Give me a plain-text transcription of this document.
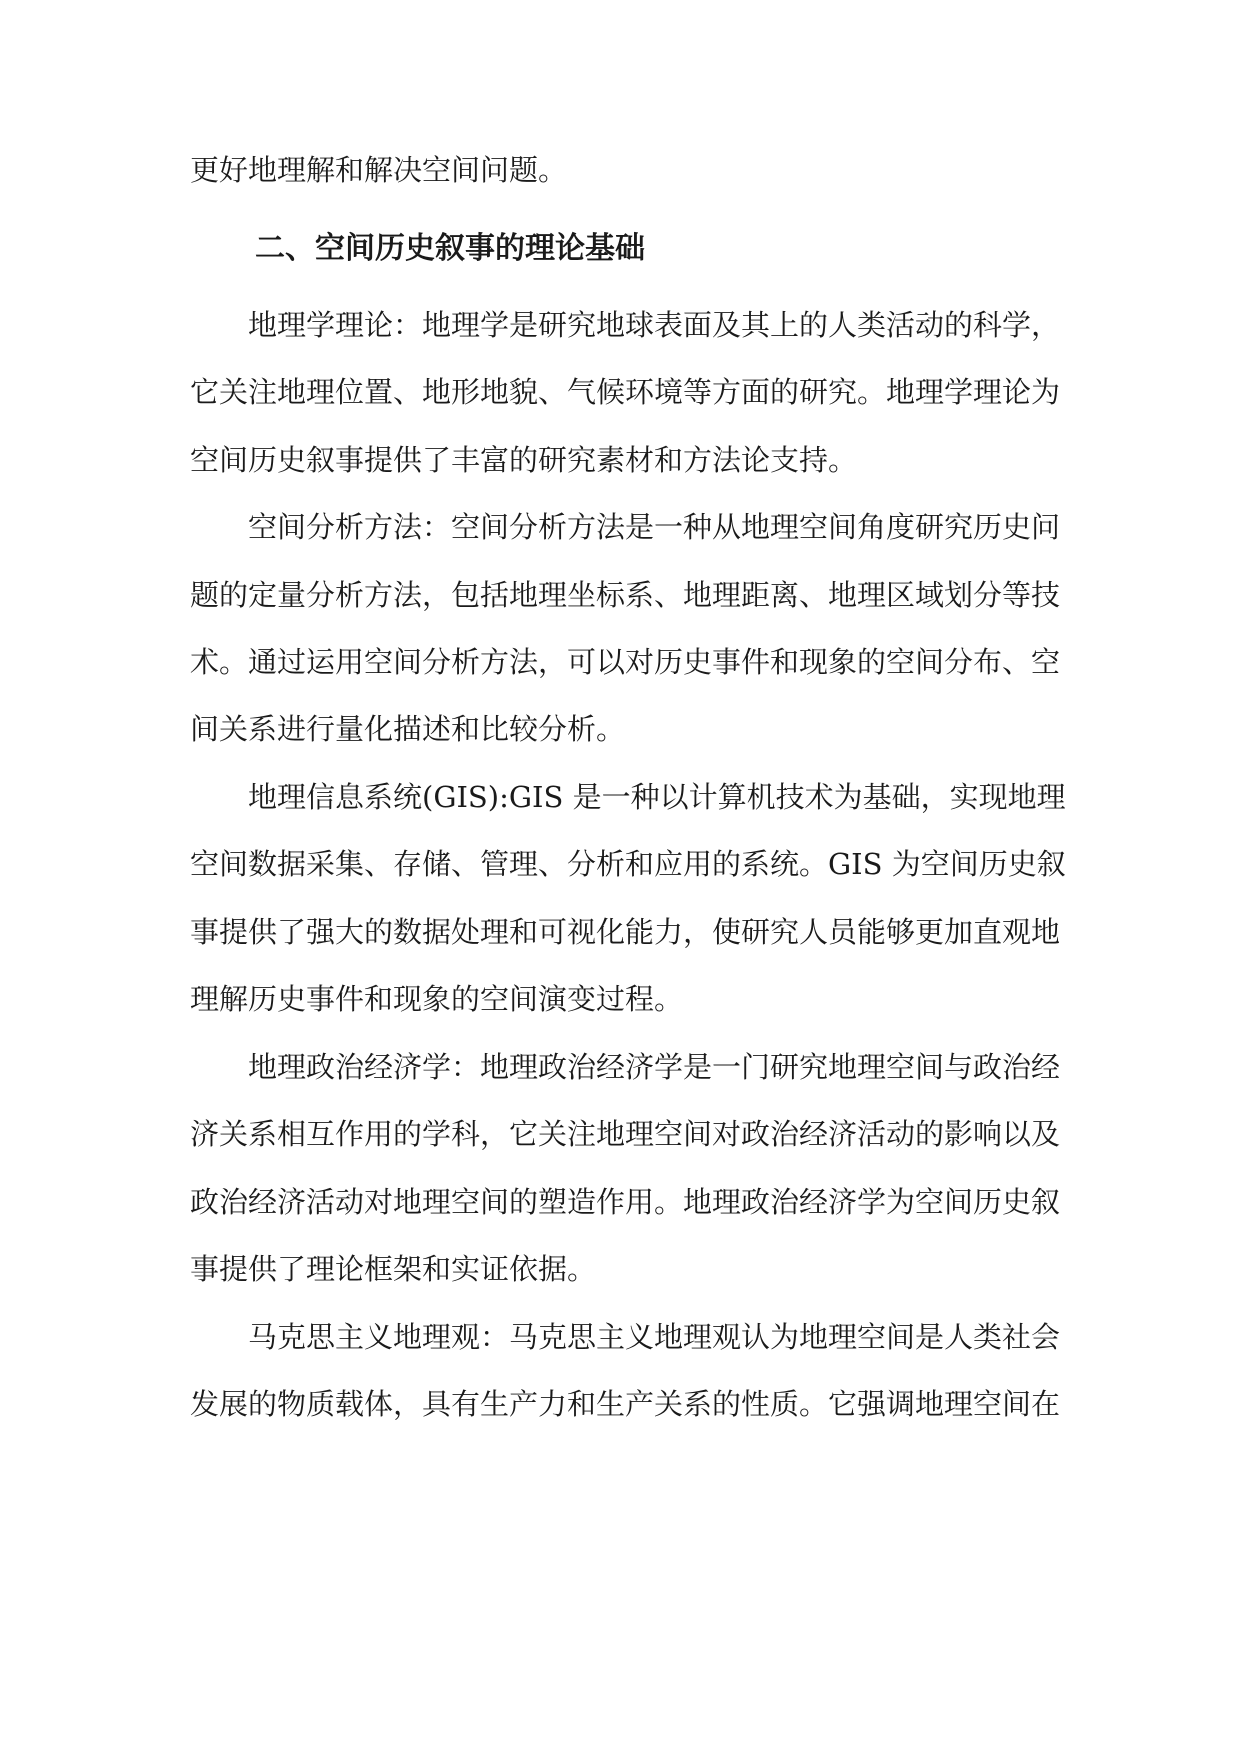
更好地理解和解决空间问题。

二、空间历史叙事的理论基础

地理学理论：地理学是研究地球表面及其上的人类活动的科学，

它关注地理位置、地形地貌、气候环境等方面的研究。地理学理论为

空间历史叙事提供了丰富的研究素材和方法论支持。

空间分析方法：空间分析方法是一种从地理空间角度研究历史问

题的定量分析方法，包括地理坐标系、地理距离、地理区域划分等技

术。通过运用空间分析方法，可以对历史事件和现象的空间分布、空

间关系进行量化描述和比较分析。

地理信息系统(GIS):GIS 是一种以计算机技术为基础，实现地理

空间数据采集、存储、管理、分析和应用的系统。GIS 为空间历史叙

事提供了强大的数据处理和可视化能力，使研究人员能够更加直观地

理解历史事件和现象的空间演变过程。

地理政治经济学：地理政治经济学是一门研究地理空间与政治经

济关系相互作用的学科，它关注地理空间对政治经济活动的影响以及

政治经济活动对地理空间的塑造作用。地理政治经济学为空间历史叙

事提供了理论框架和实证依据。

马克思主义地理观：马克思主义地理观认为地理空间是人类社会

发展的物质载体，具有生产力和生产关系的性质。它强调地理空间在
